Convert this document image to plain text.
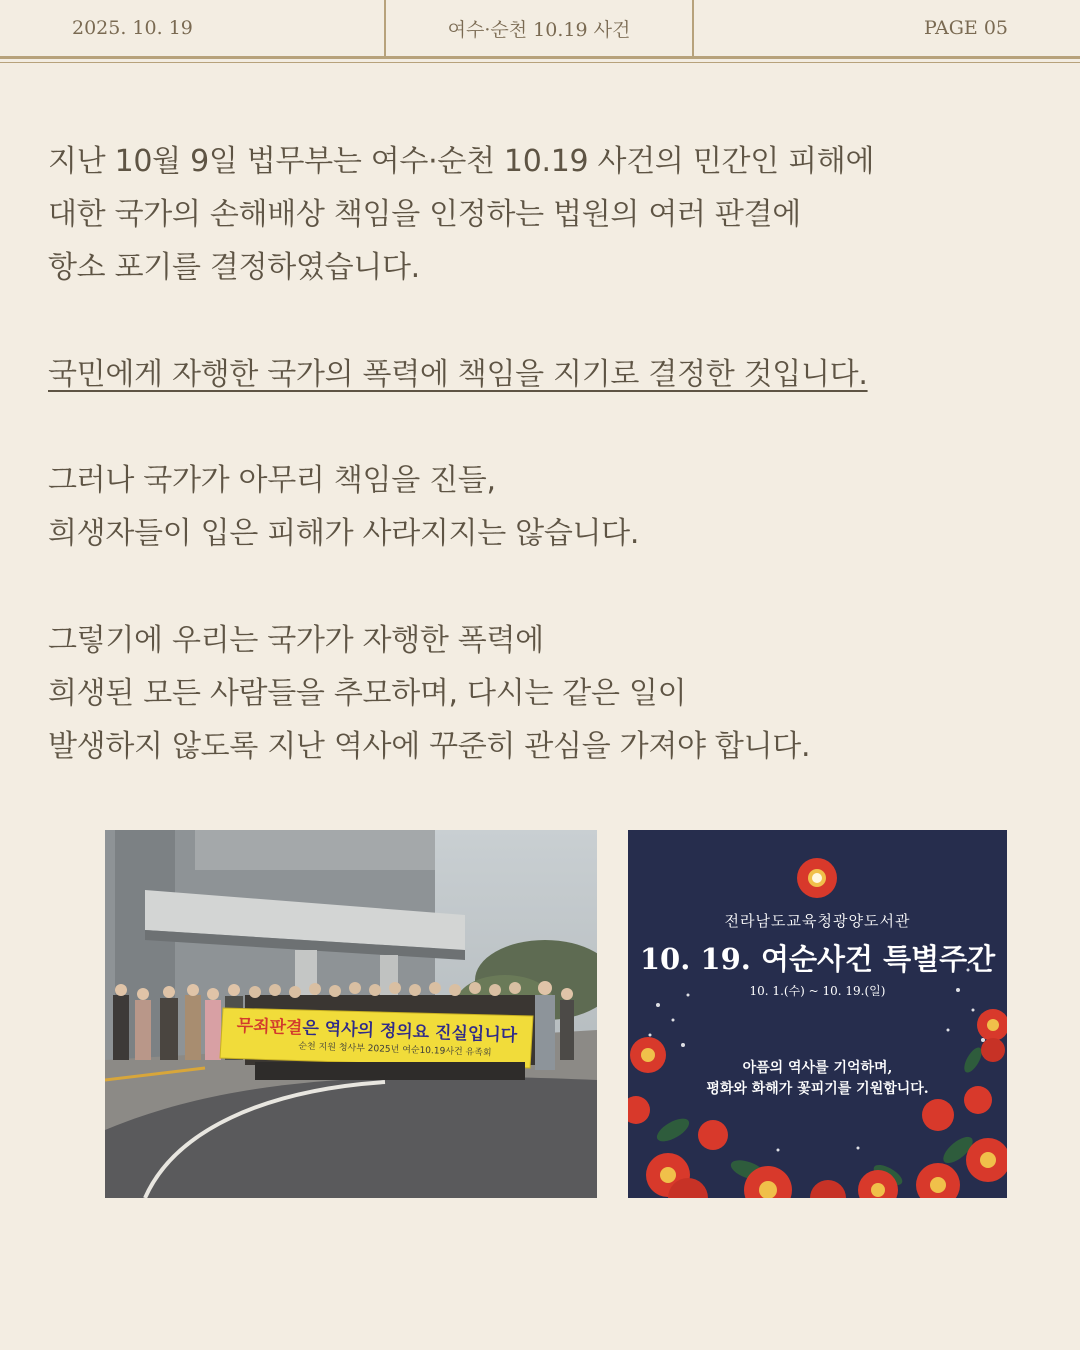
2025. 10. 19	여수·순천 10.19 사건	PAGE 05
지난 10월 9일 법무부는 여수·순천 10.19 사건의 민간인 피해에
대한 국가의 손해배상 책임을 인정하는 법원의 여러 판결에
항소 포기를 결정하였습니다.
국민에게 자행한 국가의 폭력에 책임을 지기로 결정한 것입니다.
그러나 국가가 아무리 책임을 진들,
희생자들이 입은 피해가 사라지지는 않습니다.
그렇기에 우리는 국가가 자행한 폭력에
희생된 모든 사람들을 추모하며, 다시는 같은 일이
발생하지 않도록 지난 역사에 꾸준히 관심을 가져야 합니다.
무죄판결은 역사의 정의요 진실입니다
순천 지원 청사부 2025년 여순10.19사건 유족회
전라남도교육청광양도서관
10. 19. 여순사건 특별주간
10. 1.(수) ~ 10. 19.(일)
아픔의 역사를 기억하며,
평화와 화해가 꽃피기를 기원합니다.
